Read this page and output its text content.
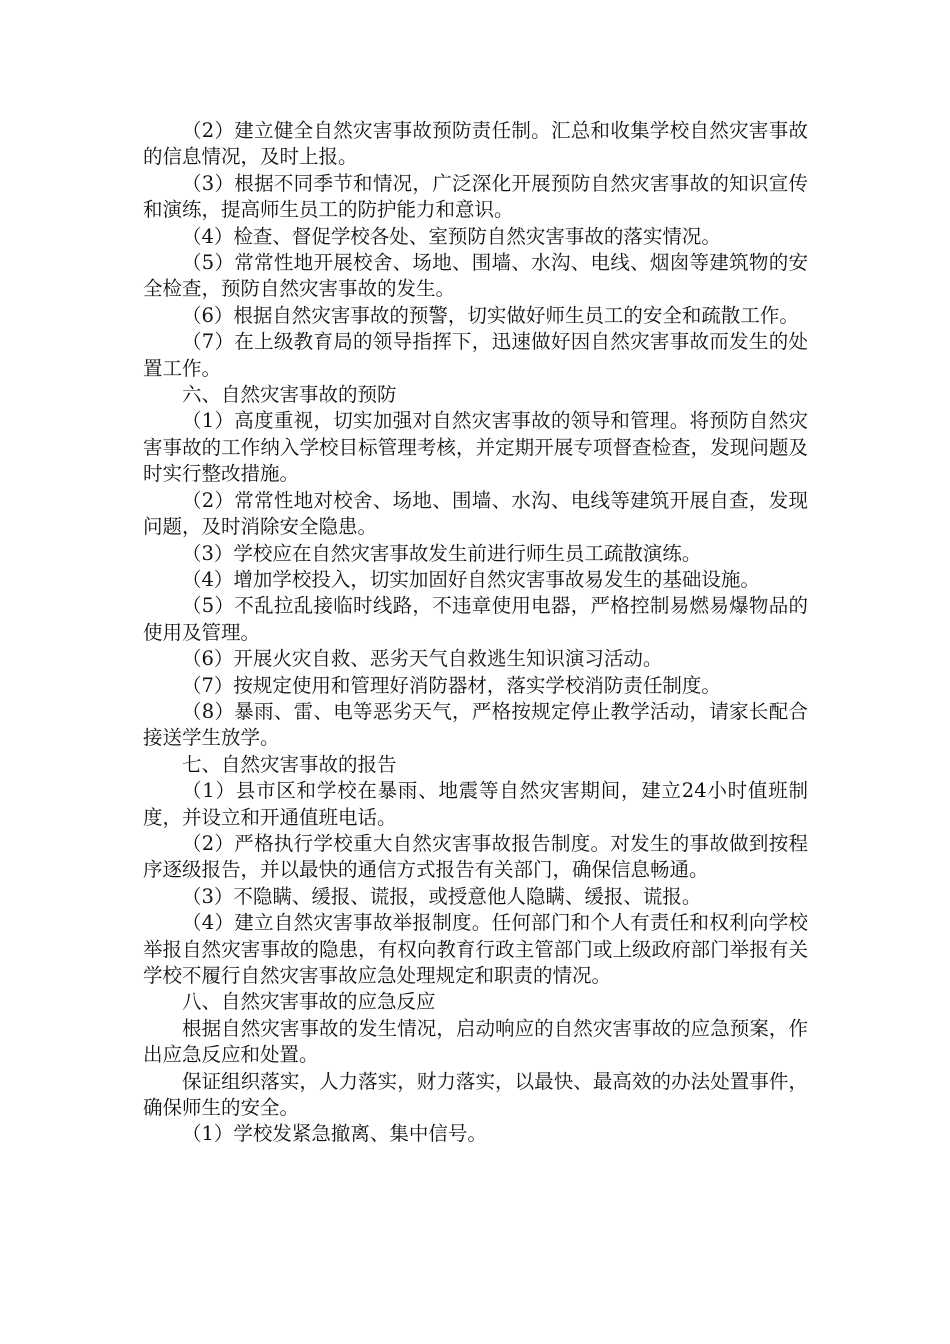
（2）建立健全自然灾害事故预防责任制。汇总和收集学校自然灾害事故的信息情况，及时上报。

（3）根据不同季节和情况，广泛深化开展预防自然灾害事故的知识宣传和演练，提高师生员工的防护能力和意识。

（4）检查、督促学校各处、室预防自然灾害事故的落实情况。

（5）常常性地开展校舍、场地、围墙、水沟、电线、烟囱等建筑物的安全检查，预防自然灾害事故的发生。

（6）根据自然灾害事故的预警，切实做好师生员工的安全和疏散工作。

（7）在上级教育局的领导指挥下，迅速做好因自然灾害事故而发生的处置工作。

六、自然灾害事故的预防

（1）高度重视，切实加强对自然灾害事故的领导和管理。将预防自然灾害事故的工作纳入学校目标管理考核，并定期开展专项督查检查，发现问题及时实行整改措施。

（2）常常性地对校舍、场地、围墙、水沟、电线等建筑开展自查，发现问题，及时消除安全隐患。

（3）学校应在自然灾害事故发生前进行师生员工疏散演练。

（4）增加学校投入，切实加固好自然灾害事故易发生的基础设施。

（5）不乱拉乱接临时线路，不违章使用电器，严格控制易燃易爆物品的使用及管理。

（6）开展火灾自救、恶劣天气自救逃生知识演习活动。

（7）按规定使用和管理好消防器材，落实学校消防责任制度。

（8）暴雨、雷、电等恶劣天气，严格按规定停止教学活动，请家长配合接送学生放学。

七、自然灾害事故的报告

（1）县市区和学校在暴雨、地震等自然灾害期间，建立24小时值班制度，并设立和开通值班电话。

（2）严格执行学校重大自然灾害事故报告制度。对发生的事故做到按程序逐级报告，并以最快的通信方式报告有关部门，确保信息畅通。

（3）不隐瞒、缓报、谎报，或授意他人隐瞒、缓报、谎报。

（4）建立自然灾害事故举报制度。任何部门和个人有责任和权利向学校举报自然灾害事故的隐患，有权向教育行政主管部门或上级政府部门举报有关学校不履行自然灾害事故应急处理规定和职责的情况。

八、自然灾害事故的应急反应

根据自然灾害事故的发生情况，启动响应的自然灾害事故的应急预案，作出应急反应和处置。

保证组织落实，人力落实，财力落实，以最快、最高效的办法处置事件，确保师生的安全。

（1）学校发紧急撤离、集中信号。
